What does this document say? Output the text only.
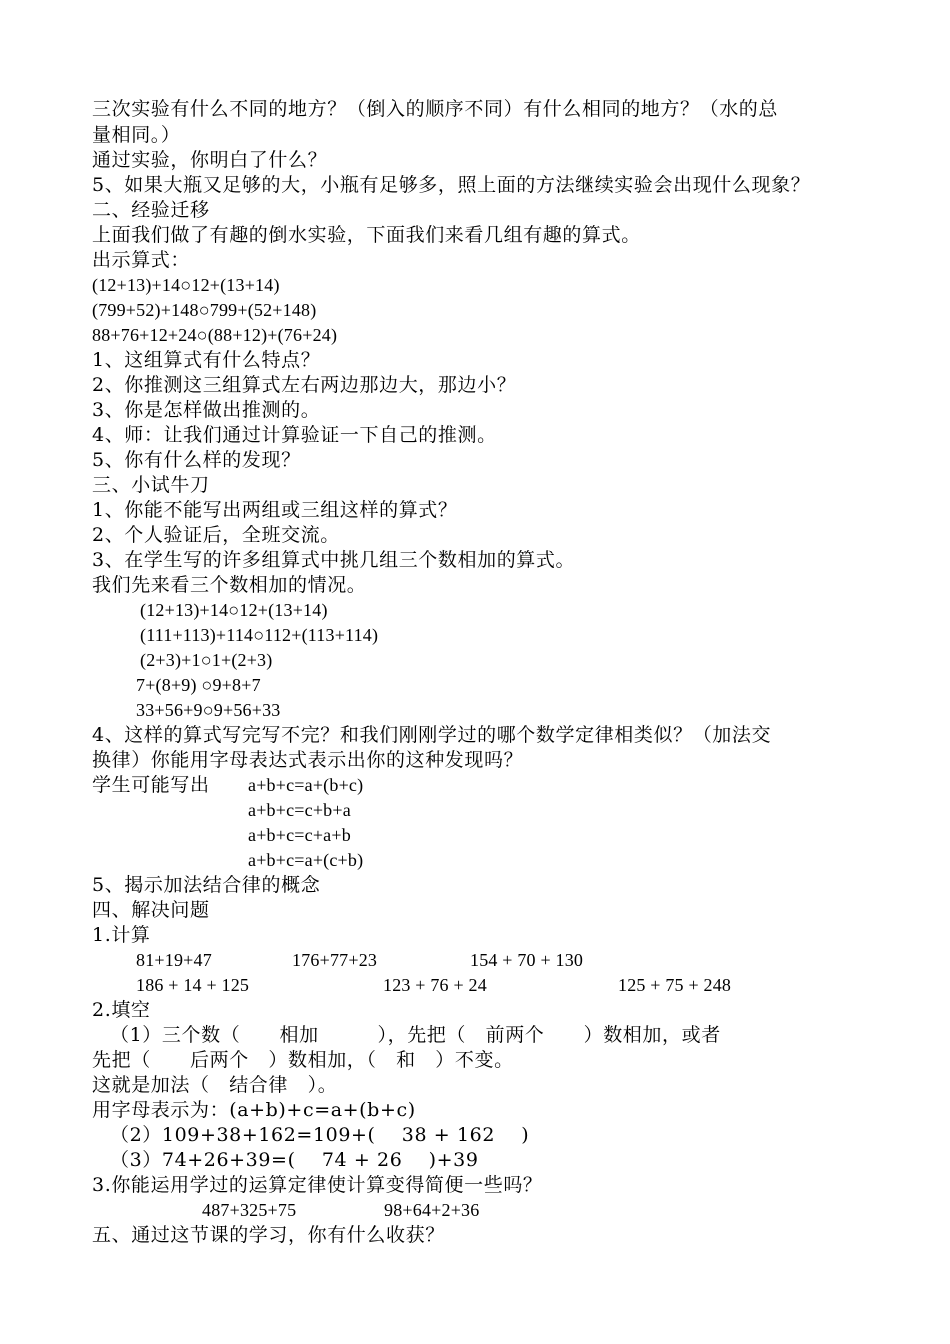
三次实验有什么不同的地方？（倒入的顺序不同）有什么相同的地方？（水的总
量相同。）
通过实验，你明白了什么？
5、如果大瓶又足够的大，小瓶有足够多，照上面的方法继续实验会出现什么现象？
二、经验迁移
上面我们做了有趣的倒水实验，下面我们来看几组有趣的算式。
出示算式：
(12+13)+14○12+(13+14)
(799+52)+148○799+(52+148)
88+76+12+24○(88+12)+(76+24)
1、这组算式有什么特点？
2、你推测这三组算式左右两边那边大，那边小？
3、你是怎样做出推测的。
4、师：让我们通过计算验证一下自己的推测。
5、你有什么样的发现？
三、小试牛刀
1、你能不能写出两组或三组这样的算式？
2、个人验证后，全班交流。
3、在学生写的许多组算式中挑几组三个数相加的算式。
我们先来看三个数相加的情况。
(12+13)+14○12+(13+14)
(111+113)+114○112+(113+114)
(2+3)+1○1+(2+3)
7+(8+9) ○9+8+7
33+56+9○9+56+33
4、这样的算式写完写不完？和我们刚刚学过的哪个数学定律相类似？（加法交
换律）你能用字母表达式表示出你的这种发现吗？
学生可能写出 a+b+c=a+(b+c)
a+b+c=c+b+a
a+b+c=c+a+b
a+b+c=a+(c+b)
5、揭示加法结合律的概念
四、解决问题
1.计算
81+19+47	176+77+23	154 + 70 + 130
186 + 14 + 125	123 + 76 + 24	125 + 75 + 248
2.填空
（1）三个数（　　相加　　　），先把（　前两个　　）数相加，或者
先把（　　后两个　）数相加，（　和　）不变。
这就是加法（　结合律　）。
用字母表示为：(a+b)+c=a+(b+c)
（2）109+38+162=109+(　 38 + 162 　)
（3）74+26+39=(　 74 + 26 　)+39
3.你能运用学过的运算定律使计算变得简便一些吗？
487+325+75	98+64+2+36
五、通过这节课的学习，你有什么收获？
